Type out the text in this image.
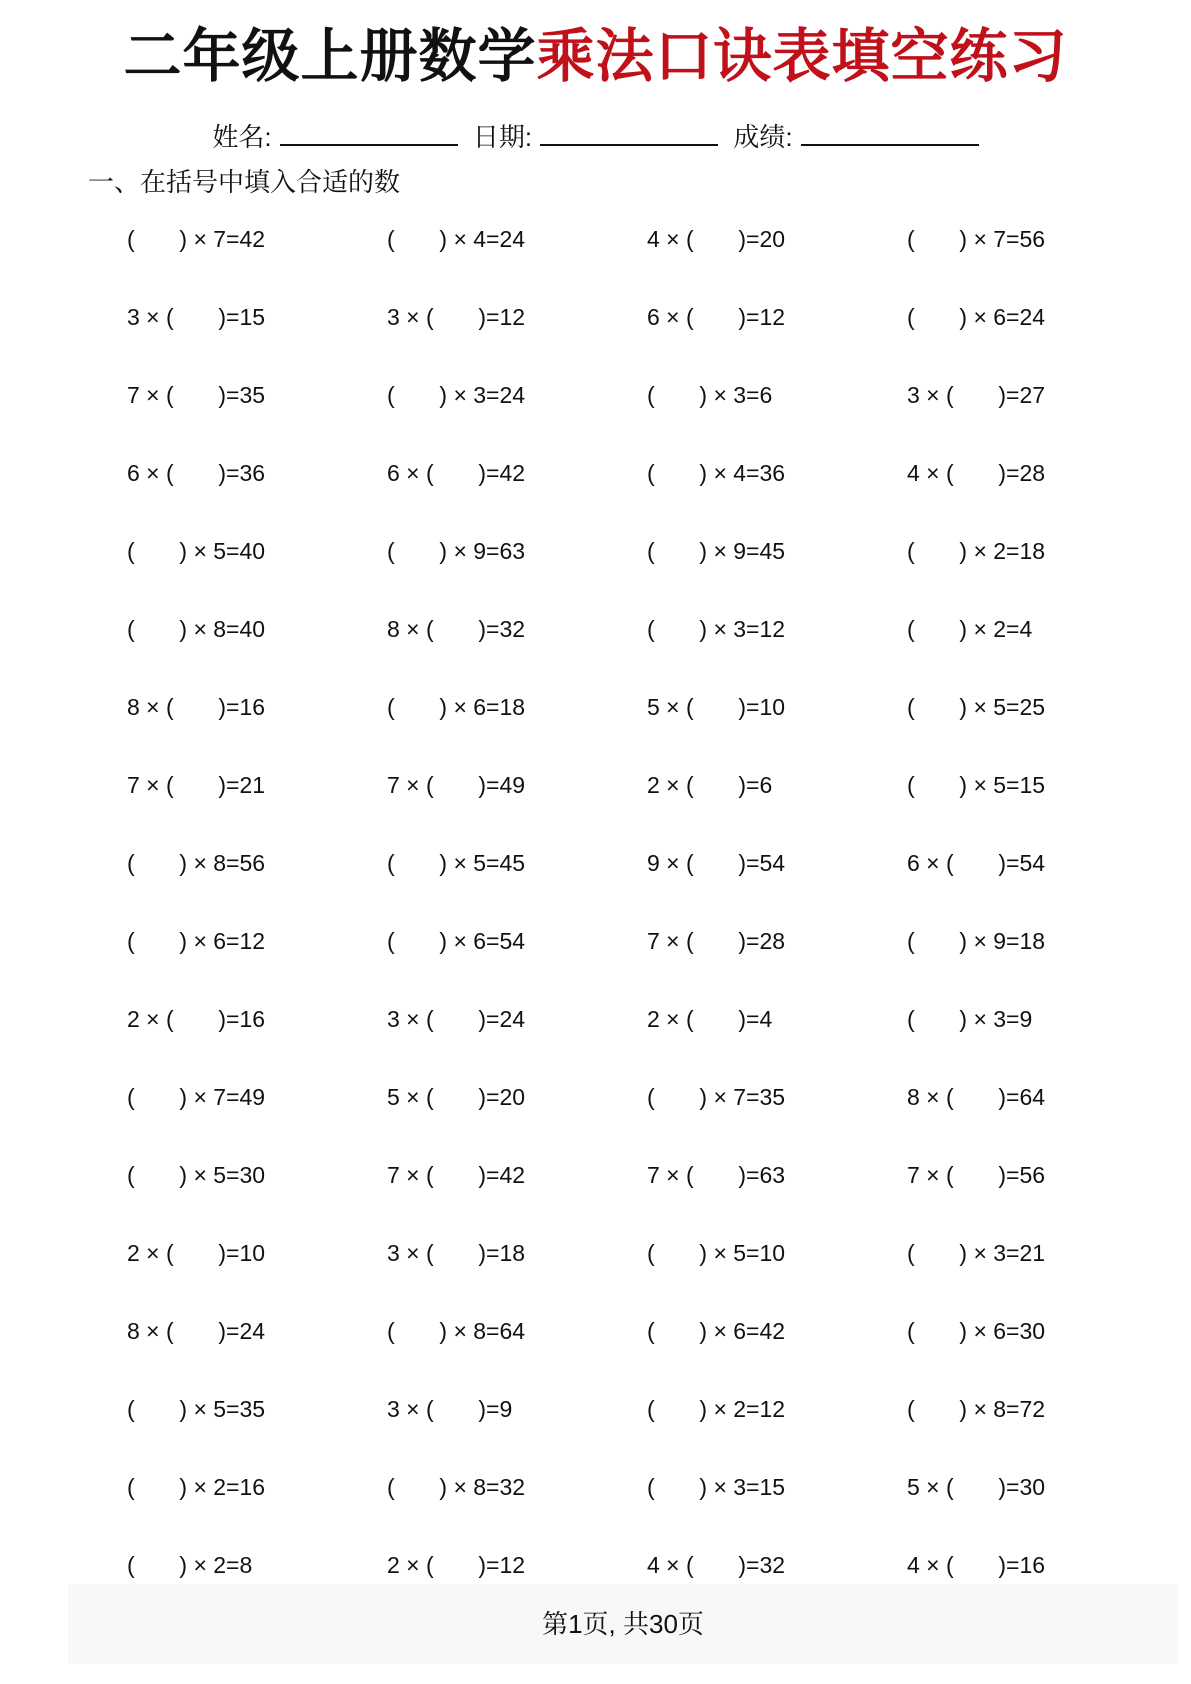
二年级上册数学乘法口诀表填空练习
姓名:	日期:	成绩:
一、在括号中填入合适的数
(       ) × 7=42	(       ) × 4=24	4 × (       )=20	(       ) × 7=56
3 × (       )=15	3 × (       )=12	6 × (       )=12	(       ) × 6=24
7 × (       )=35	(       ) × 3=24	(       ) × 3=6	3 × (       )=27
6 × (       )=36	6 × (       )=42	(       ) × 4=36	4 × (       )=28
(       ) × 5=40	(       ) × 9=63	(       ) × 9=45	(       ) × 2=18
(       ) × 8=40	8 × (       )=32	(       ) × 3=12	(       ) × 2=4
8 × (       )=16	(       ) × 6=18	5 × (       )=10	(       ) × 5=25
7 × (       )=21	7 × (       )=49	2 × (       )=6	(       ) × 5=15
(       ) × 8=56	(       ) × 5=45	9 × (       )=54	6 × (       )=54
(       ) × 6=12	(       ) × 6=54	7 × (       )=28	(       ) × 9=18
2 × (       )=16	3 × (       )=24	2 × (       )=4	(       ) × 3=9
(       ) × 7=49	5 × (       )=20	(       ) × 7=35	8 × (       )=64
(       ) × 5=30	7 × (       )=42	7 × (       )=63	7 × (       )=56
2 × (       )=10	3 × (       )=18	(       ) × 5=10	(       ) × 3=21
8 × (       )=24	(       ) × 8=64	(       ) × 6=42	(       ) × 6=30
(       ) × 5=35	3 × (       )=9	(       ) × 2=12	(       ) × 8=72
(       ) × 2=16	(       ) × 8=32	(       ) × 3=15	5 × (       )=30
(       ) × 2=8	2 × (       )=12	4 × (       )=32	4 × (       )=16
第1页, 共30页
